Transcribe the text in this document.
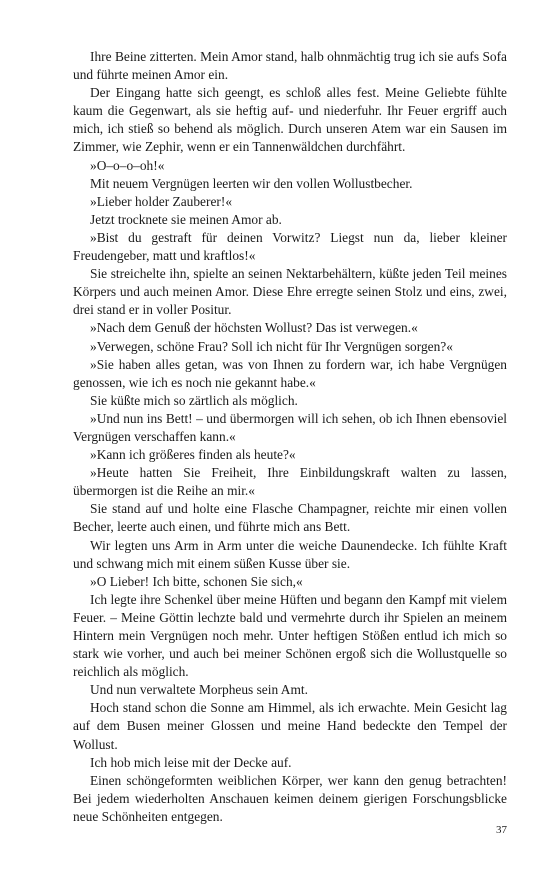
Ihre Beine zitterten. Mein Amor stand, halb ohnmächtig trug ich sie aufs Sofa und führte meinen Amor ein.

Der Eingang hatte sich geengt, es schloß alles fest. Meine Geliebte fühlte kaum die Gegenwart, als sie heftig auf- und niederfuhr. Ihr Feuer ergriff auch mich, ich stieß so behend als möglich. Durch unseren Atem war ein Sausen im Zimmer, wie Zephir, wenn er ein Tannenwäldchen durchfährt.

»O–o–o–oh!«

Mit neuem Vergnügen leerten wir den vollen Wollustbecher.

»Lieber holder Zauberer!«

Jetzt trocknete sie meinen Amor ab.

»Bist du gestraft für deinen Vorwitz? Liegst nun da, lieber kleiner Freudengeber, matt und kraftlos!«

Sie streichelte ihn, spielte an seinen Nektarbehältern, küßte jeden Teil meines Körpers und auch meinen Amor. Diese Ehre erregte seinen Stolz und eins, zwei, drei stand er in voller Positur.

»Nach dem Genuß der höchsten Wollust? Das ist verwegen.«

»Verwegen, schöne Frau? Soll ich nicht für Ihr Vergnügen sorgen?«

»Sie haben alles getan, was von Ihnen zu fordern war, ich habe Vergnügen genossen, wie ich es noch nie gekannt habe.«

Sie küßte mich so zärtlich als möglich.

»Und nun ins Bett! – und übermorgen will ich sehen, ob ich Ihnen ebensoviel Vergnügen verschaffen kann.«

»Kann ich größeres finden als heute?«

»Heute hatten Sie Freiheit, Ihre Einbildungskraft walten zu lassen, übermorgen ist die Reihe an mir.«

Sie stand auf und holte eine Flasche Champagner, reichte mir einen vollen Becher, leerte auch einen, und führte mich ans Bett.

Wir legten uns Arm in Arm unter die weiche Daunendecke. Ich fühlte Kraft und schwang mich mit einem süßen Kusse über sie.

»O Lieber! Ich bitte, schonen Sie sich,«

Ich legte ihre Schenkel über meine Hüften und begann den Kampf mit vielem Feuer. – Meine Göttin lechzte bald und vermehrte durch ihr Spielen an meinem Hintern mein Vergnügen noch mehr. Unter heftigen Stößen entlud ich mich so stark wie vorher, und auch bei meiner Schönen ergoß sich die Wollustquelle so reichlich als möglich.

Und nun verwaltete Morpheus sein Amt.

Hoch stand schon die Sonne am Himmel, als ich erwachte. Mein Gesicht lag auf dem Busen meiner Glossen und meine Hand bedeckte den Tempel der Wollust.

Ich hob mich leise mit der Decke auf.

Einen schöngeformten weiblichen Körper, wer kann den genug betrachten! Bei jedem wiederholten Anschauen keimen deinem gierigen Forschungsblicke neue Schönheiten entgegen.

37
